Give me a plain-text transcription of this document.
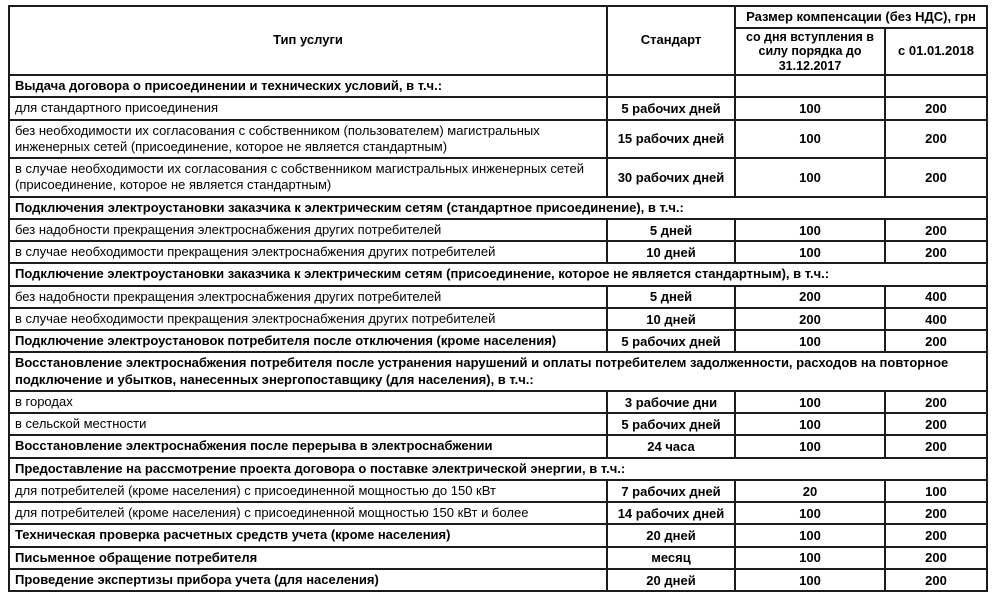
Тип услуги	Стандарт	Размер компенсации (без НДС), грн	
		со дня вступления в силу порядка до 31.12.2017	с 01.01.2018
Выдача договора о присоединении и технических условий, в т.ч.:			
для стандартного присоединения	5 рабочих дней	100	200
без необходимости их согласования с собственником (пользователем) магистральных инженерных сетей (присоединение, которое не является стандартным)	15 рабочих дней	100	200
в случае необходимости их согласования с собственником магистральных инженерных сетей (присоединение, которое не является стандартным)	30 рабочих дней	100	200
Подключения электроустановки заказчика к электрическим сетям (стандартное присоединение), в т.ч.:			
без надобности прекращения электроснабжения других потребителей	5 дней	100	200
в случае необходимости прекращения электроснабжения других потребителей	10 дней	100	200
Подключение электроустановки заказчика к электрическим сетям (присоединение, которое не является стандартным), в т.ч.:			
без надобности прекращения электроснабжения других потребителей	5 дней	200	400
в случае необходимости прекращения электроснабжения других потребителей	10 дней	200	400
Подключение электроустановок потребителя после отключения (кроме населения)	5 рабочих дней	100	200
Восстановление электроснабжения потребителя после устранения нарушений и оплаты потребителем задолженности, расходов на повторное подключение и убытков, нанесенных энергопоставщику (для населения), в т.ч.:			
в городах	3 рабочие дни	100	200
в сельской местности	5 рабочих дней	100	200
Восстановление электроснабжения после перерыва в электроснабжении	24 часа	100	200
Предоставление на рассмотрение проекта договора о поставке электрической энергии, в т.ч.:			
для потребителей (кроме населения) с присоединенной мощностью до 150 кВт	7 рабочих дней	20	100
для потребителей (кроме населения) с присоединенной мощностью 150 кВт и более	14 рабочих дней	100	200
Техническая проверка расчетных средств учета (кроме населения)	20 дней	100	200
Письменное обращение потребителя	месяц	100	200
Проведение экспертизы прибора учета (для населения)	20 дней	100	200
